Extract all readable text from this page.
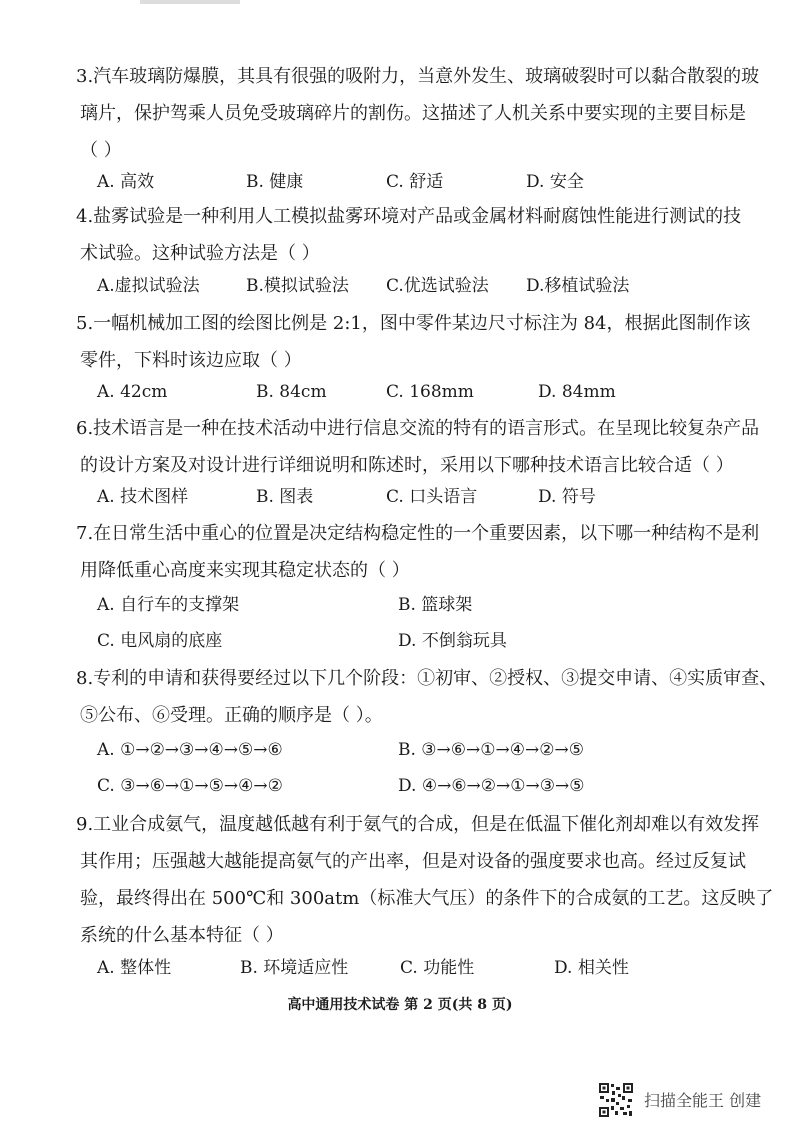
3.汽车玻璃防爆膜，其具有很强的吸附力，当意外发生、玻璃破裂时可以黏合散裂的玻
璃片，保护驾乘人员免受玻璃碎片的割伤。这描述了人机关系中要实现的主要目标是
（ ）
A. 高效	B. 健康	C. 舒适	D. 安全
4.盐雾试验是一种利用人工模拟盐雾环境对产品或金属材料耐腐蚀性能进行测试的技
术试验。这种试验方法是（ ）
A.虚拟试验法	B.模拟试验法 C.优选试验法 D.移植试验法
5.一幅机械加工图的绘图比例是 2:1，图中零件某边尺寸标注为 84，根据此图制作该
零件，下料时该边应取（ ）
A. 42cm	B. 84cm	C. 168mm	D. 84mm
6.技术语言是一种在技术活动中进行信息交流的特有的语言形式。在呈现比较复杂产品
的设计方案及对设计进行详细说明和陈述时，采用以下哪种技术语言比较合适（ ）
A. 技术图样	B. 图表	C. 口头语言	D. 符号
7.在日常生活中重心的位置是决定结构稳定性的一个重要因素，以下哪一种结构不是利
用降低重心高度来实现其稳定状态的（ ）
A. 自行车的支撑架	B. 篮球架
C. 电风扇的底座	D. 不倒翁玩具
8.专利的申请和获得要经过以下几个阶段：①初审、②授权、③提交申请、④实质审查、
⑤公布、⑥受理。正确的顺序是（ ）。
A. ①→②→③→④→⑤→⑥	B. ③→⑥→①→④→②→⑤
C. ③→⑥→①→⑤→④→②	D. ④→⑥→②→①→③→⑤
9.工业合成氨气，温度越低越有利于氨气的合成，但是在低温下催化剂却难以有效发挥
其作用；压强越大越能提高氨气的产出率，但是对设备的强度要求也高。经过反复试
验，最终得出在 500℃和 300atm（标准大气压）的条件下的合成氨的工艺。这反映了
系统的什么基本特征（ ）
A. 整体性	B. 环境适应性	C. 功能性	D. 相关性
高中通用技术试卷 第 2 页(共 8 页)
扫描全能王 创建
